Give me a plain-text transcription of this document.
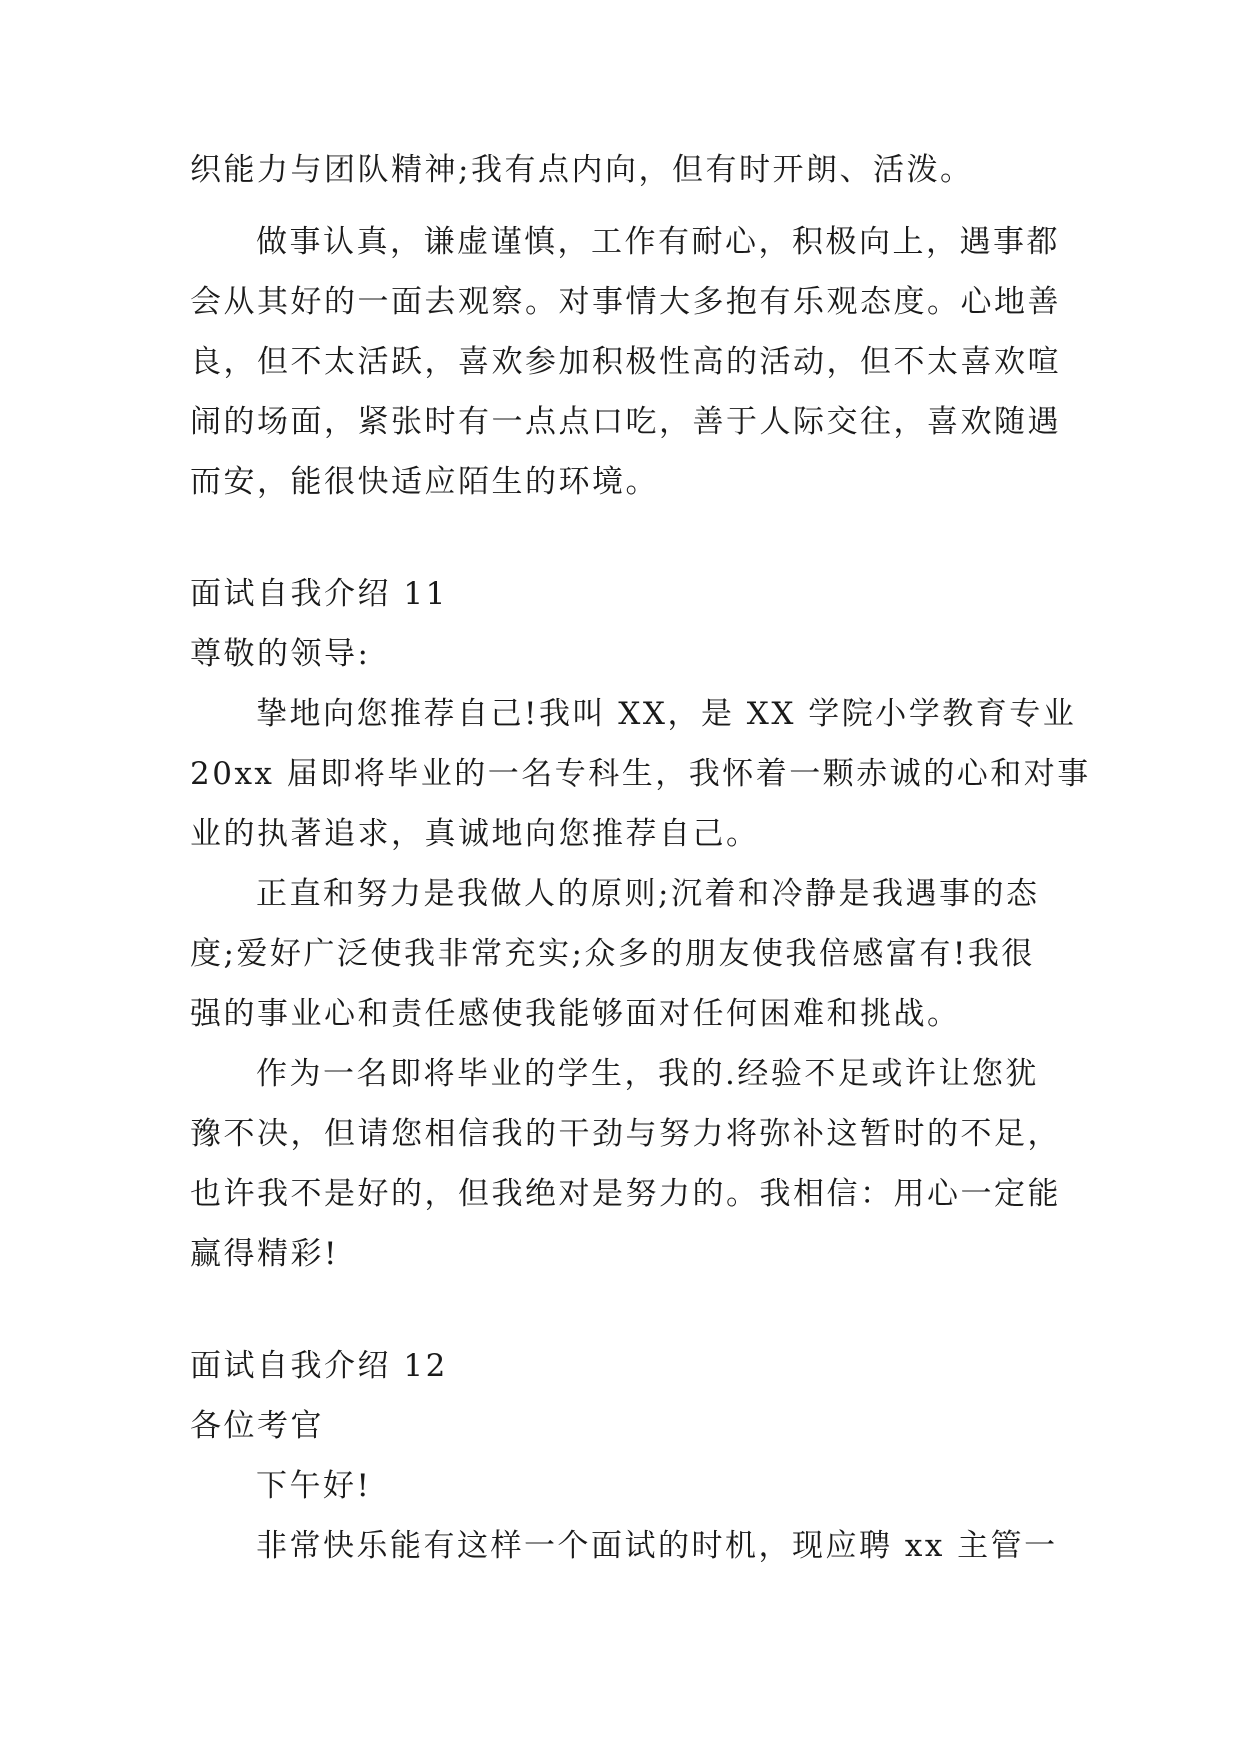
织能力与团队精神;我有点内向，但有时开朗、活泼。
做事认真，谦虚谨慎，工作有耐心，积极向上，遇事都
会从其好的一面去观察。对事情大多抱有乐观态度。心地善
良，但不太活跃，喜欢参加积极性高的活动，但不太喜欢喧
闹的场面，紧张时有一点点口吃，善于人际交往，喜欢随遇
而安，能很快适应陌生的环境。
面试自我介绍 11
尊敬的领导:
挚地向您推荐自己!我叫 XX，是 XX 学院小学教育专业
20xx 届即将毕业的一名专科生，我怀着一颗赤诚的心和对事
业的执著追求，真诚地向您推荐自己。
正直和努力是我做人的原则;沉着和冷静是我遇事的态
度;爱好广泛使我非常充实;众多的朋友使我倍感富有!我很
强的事业心和责任感使我能够面对任何困难和挑战。
作为一名即将毕业的学生，我的.经验不足或许让您犹
豫不决，但请您相信我的干劲与努力将弥补这暂时的不足，
也许我不是好的，但我绝对是努力的。我相信：用心一定能
赢得精彩!
面试自我介绍 12
各位考官
下午好!
非常快乐能有这样一个面试的时机，现应聘 xx 主管一
